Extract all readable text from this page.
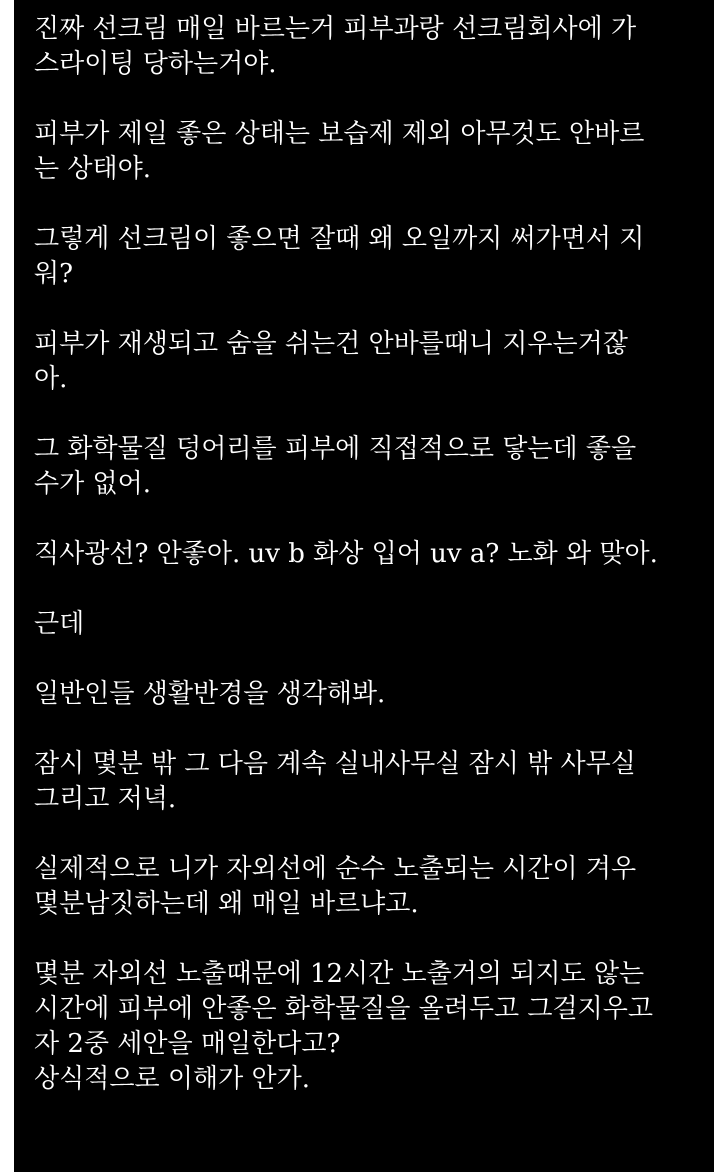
진짜 선크림 매일 바르는거 피부과랑 선크림회사에 가
스라이팅 당하는거야.
피부가 제일 좋은 상태는 보습제 제외 아무것도 안바르
는 상태야.
그렇게 선크림이 좋으면 잘때 왜 오일까지 써가면서 지
워?
피부가 재생되고 숨을 쉬는건 안바를때니 지우는거잖
아.
그 화학물질 덩어리를 피부에 직접적으로 닿는데 좋을
수가 없어.
직사광선? 안좋아. uv b 화상 입어 uv a? 노화 와 맞아.
근데
일반인들 생활반경을 생각해봐.
잠시 몇분 밖 그 다음 계속 실내사무실 잠시 밖 사무실
그리고 저녁.
실제적으로 니가 자외선에 순수 노출되는 시간이 겨우
몇분남짓하는데 왜 매일 바르냐고.
몇분 자외선 노출때문에 12시간 노출거의 되지도 않는
시간에 피부에 안좋은 화학물질을 올려두고 그걸지우고
자 2중 세안을 매일한다고?
상식적으로 이해가 안가.
